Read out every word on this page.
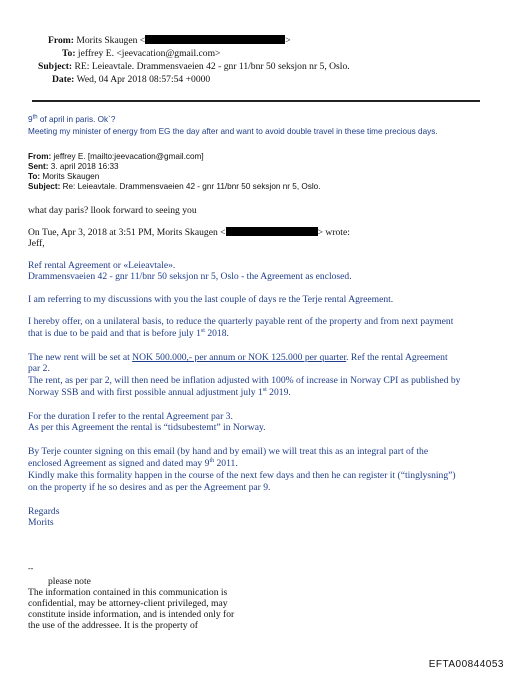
From: Morits Skaugen <	>
To: jeffrey E. <jeevacation@gmail.com>
Subject: RE: Leieavtale. Drammensvaeien 42 - gnr 11/bnr 50 seksjon nr 5, Oslo.
Date: Wed, 04 Apr 2018 08:57:54 +0000
9th of april in paris. Ok`?
Meeting my minister of energy from EG the day after and want to avoid double travel in these time precious days.
From: jeffrey E. [mailto:jeevacation@gmail.com]
Sent: 3. april 2018 16:33
To: Morits Skaugen
Subject: Re: Leieavtale. Drammensvaeien 42 - gnr 11/bnr 50 seksjon nr 5, Oslo.
what day paris? llook forward to seeing you
On Tue, Apr 3, 2018 at 3:51 PM, Morits Skaugen <	> wrote:
Jeff,
Ref rental Agreement or «Leieavtale».
Drammensvaeien 42 - gnr 11/bnr 50 seksjon nr 5, Oslo - the Agreement as enclosed.
I am referring to my discussions with you the last couple of days re the Terje rental Agreement.
I hereby offer, on a unilateral basis, to reduce the quarterly payable rent of the property and from next payment
that is due to be paid and that is before july 1st 2018.
The new rent will be set at NOK 500.000,- per annum or NOK 125.000 per quarter. Ref the rental Agreement
par 2.
The rent, as per par 2, will then need be inflation adjusted with 100% of increase in Norway CPI as published by
Norway SSB and with first possible annual adjustment july 1st 2019.
For the duration I refer to the rental Agreement par 3.
As per this Agreement the rental is “tidsubestemt” in Norway.
By Terje counter signing on this email (by hand and by email) we will treat this as an integral part of the
enclosed Agreement as signed and dated may 9th 2011.
Kindly make this formality happen in the course of the next few days and then he can register it (“tinglysning”)
on the property if he so desires and as per the Agreement par 9.
Regards
Morits
--
please note
The information contained in this communication is
confidential, may be attorney-client privileged, may
constitute inside information, and is intended only for
the use of the addressee. It is the property of
EFTA00844053
